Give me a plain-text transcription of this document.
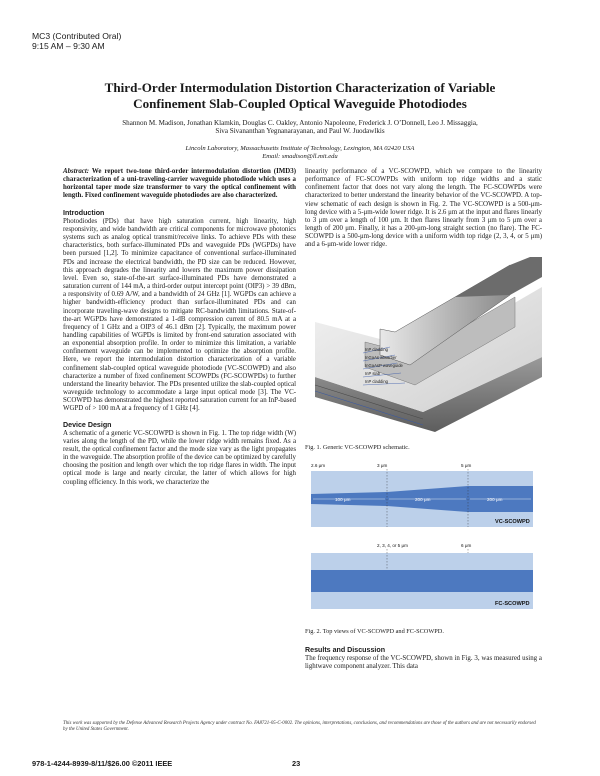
MC3 (Contributed Oral)
9:15 AM – 9:30 AM
Third-Order Intermodulation Distortion Characterization of Variable
Confinement Slab-Coupled Optical Waveguide Photodiodes
Shannon M. Madison, Jonathan Klamkin, Douglas C. Oakley, Antonio Napoleone, Frederick J. O’Donnell, Leo J. Missaggia,
Siva Sivananthan Yegnanarayanan, and Paul W. Juodawlkis
Lincoln Laboratory, Massachusetts Institute of Technology, Lexington, MA 02420 USA
Email: smadison@ll.mit.edu
Abstract: We report two-tone third-order intermodulation distortion (IMD3) characterization of a uni-traveling-carrier waveguide photodiode which uses a horizontal taper mode size transformer to vary the optical confinement with length. Fixed confinement waveguide photodiodes are also characterized.
Introduction
Photodiodes (PDs) that have high saturation current, high linearity, high responsivity, and wide bandwidth are critical components for microwave photonics systems such as analog optical transmit/receive links. To achieve PDs with these characteristics, both surface-illuminated PDs and waveguide PDs (WGPDs) have been pursued [1,2]. To minimize capacitance of conventional surface-illuminated PDs and increase the electrical bandwidth, the PD size can be reduced. However, this approach degrades the linearity and lowers the maximum power dissipation level. Even so, state-of-the-art surface-illuminated PDs have demonstrated a saturation current of 144 mA, a third-order output intercept point (OIP3) > 39 dBm, a responsivity of 0.69 A/W, and a bandwidth of 24 GHz [1]. WGPDs can achieve a higher bandwidth-efficiency product than surface-illuminated PDs and can incorporate traveling-wave designs to mitigate RC-bandwidth limitations. State-of-the-art WGPDs have demonstrated a 1-dB compression current of 80.5 mA at a frequency of 1 GHz and a OIP3 of 46.1 dBm [2]. Typically, the maximum power handling capabilities of WGPDs is limited by front-end saturation associated with an exponential absorption profile. In order to minimize this limitation, a variable confinement waveguide can be implemented to optimize the absorption profile. Here, we report the intermodulation distortion characterization of a variable confinement slab-coupled optical waveguide photodiode (VC-SCOWPD) and also characterize a number of fixed confinement SCOWPDs (FC-SCOWPDs) to further understand the linearity behavior. The PDs presented utilize the slab-coupled optical waveguide technology to accommodate a large input optical mode [3]. The VC-SCOWPD has demonstrated the highest reported saturation current for an InP-based WGPD of > 100 mA at a frequency of 1 GHz [4].
Device Design
A schematic of a generic VC-SCOWPD is shown in Fig. 1. The top ridge width (W) varies along the length of the PD, while the lower ridge width remains fixed. As a result, the optical confinement factor and the mode size vary as the light propagates in the waveguide. The absorption profile of the device can be optimized by carefully choosing the position and length over which the top ridge flares in width. The input optical mode is large and nearly circular, the latter of which allows for high coupling efficiency. In this work, we characterize the
linearity performance of a VC-SCOWPD, which we compare to the linearity performance of FC-SCOWPDs with uniform top ridge widths and a static confinement factor that does not vary along the length. The FC-SCOWPDs were characterized to better understand the linearity behavior of the VC-SCOWPD. A top-view schematic of each design is shown in Fig. 2. The VC-SCOWPD is a 500-μm-long device with a 5-μm-wide lower ridge. It is 2.6 μm at the input and flares linearly to 3 μm over a length of 100 μm. It then flares linearly from 3 μm to 5 μm over a length of 200 μm. Finally, it has a 200-μm-long straight section (no flare). The FC-SCOWPD is a 500-μm-long device with a uniform width top ridge (2, 3, 4, or 5 μm) and a 6-μm-wide lower ridge.
InP cladding
InGaAs absorber
InGaAsP waveguide
InP slab
InP cladding
Fig. 1. Generic VC-SCOWPD schematic.
2.6 μm	3 μm	5 μm
100 μm	200 μm	200 μm
VC-SCOWPD
2, 3, 4, or 5 μm	6 μm
FC-SCOWPD
Fig. 2. Top views of VC-SCOWPD and FC-SCOWPD.
Results and Discussion
The frequency response of the VC-SCOWPD, shown in Fig. 3, was measured using a lightwave component analyzer. This data
This work was supported by the Defense Advanced Research Projects Agency under contract No. FA8721-05-C-0002. The opinions, interpretations, conclusions, and recommendations are those of the authors and are not necessarily endorsed by the United States Government.
978-1-4244-8939-8/11/$26.00 ©2011 IEEE	23
